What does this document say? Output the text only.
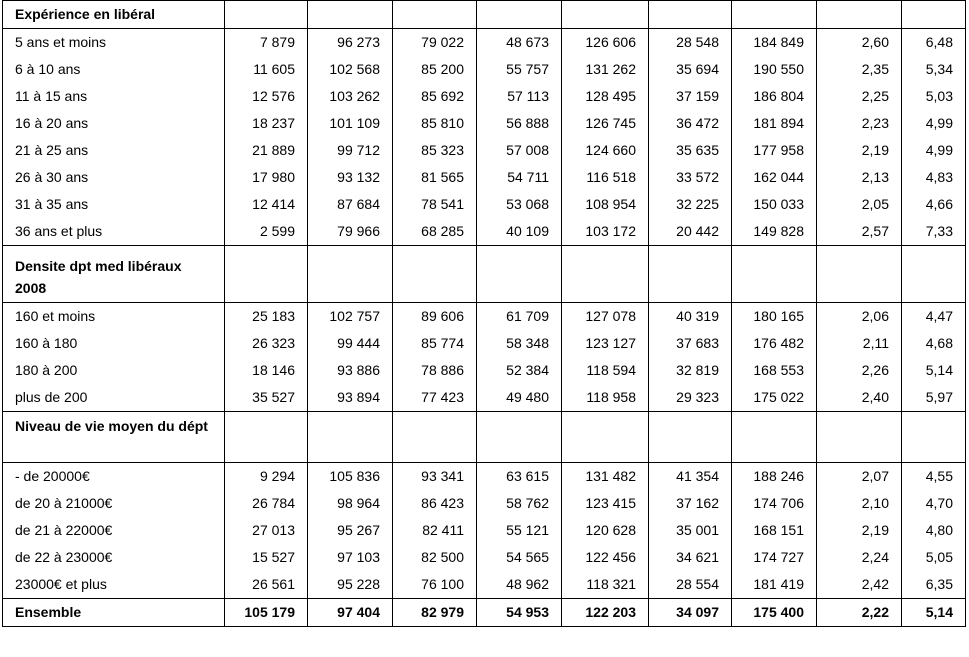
Expérience en libéral									

5 ans et moins	7 879	96 273	79 022	48 673	126 606	28 548	184 849	2,60	6,48
6 à 10 ans	11 605	102 568	85 200	55 757	131 262	35 694	190 550	2,35	5,34
11 à 15 ans	12 576	103 262	85 692	57 113	128 495	37 159	186 804	2,25	5,03
16 à 20 ans	18 237	101 109	85 810	56 888	126 745	36 472	181 894	2,23	4,99
21 à 25 ans	21 889	99 712	85 323	57 008	124 660	35 635	177 958	2,19	4,99
26 à 30 ans	17 980	93 132	81 565	54 711	116 518	33 572	162 044	2,13	4,83
31 à 35 ans	12 414	87 684	78 541	53 068	108 954	32 225	150 033	2,05	4,66
36 ans et plus	2 599	79 966	68 285	40 109	103 172	20 442	149 828	2,57	7,33

Densite dpt med libéraux
2008									

160 et moins	25 183	102 757	89 606	61 709	127 078	40 319	180 165	2,06	4,47
160 à 180	26 323	99 444	85 774	58 348	123 127	37 683	176 482	2,11	4,68
180 à 200	18 146	93 886	78 886	52 384	118 594	32 819	168 553	2,26	5,14
plus de 200	35 527	93 894	77 423	49 480	118 958	29 323	175 022	2,40	5,97

Niveau de vie moyen du dépt									

- de 20000€	9 294	105 836	93 341	63 615	131 482	41 354	188 246	2,07	4,55
de 20 à 21000€	26 784	98 964	86 423	58 762	123 415	37 162	174 706	2,10	4,70
de 21 à 22000€	27 013	95 267	82 411	55 121	120 628	35 001	168 151	2,19	4,80
de 22 à 23000€	15 527	97 103	82 500	54 565	122 456	34 621	174 727	2,24	5,05
23000€ et plus	26 561	95 228	76 100	48 962	118 321	28 554	181 419	2,42	6,35
Ensemble	105 179	97 404	82 979	54 953	122 203	34 097	175 400	2,22	5,14
